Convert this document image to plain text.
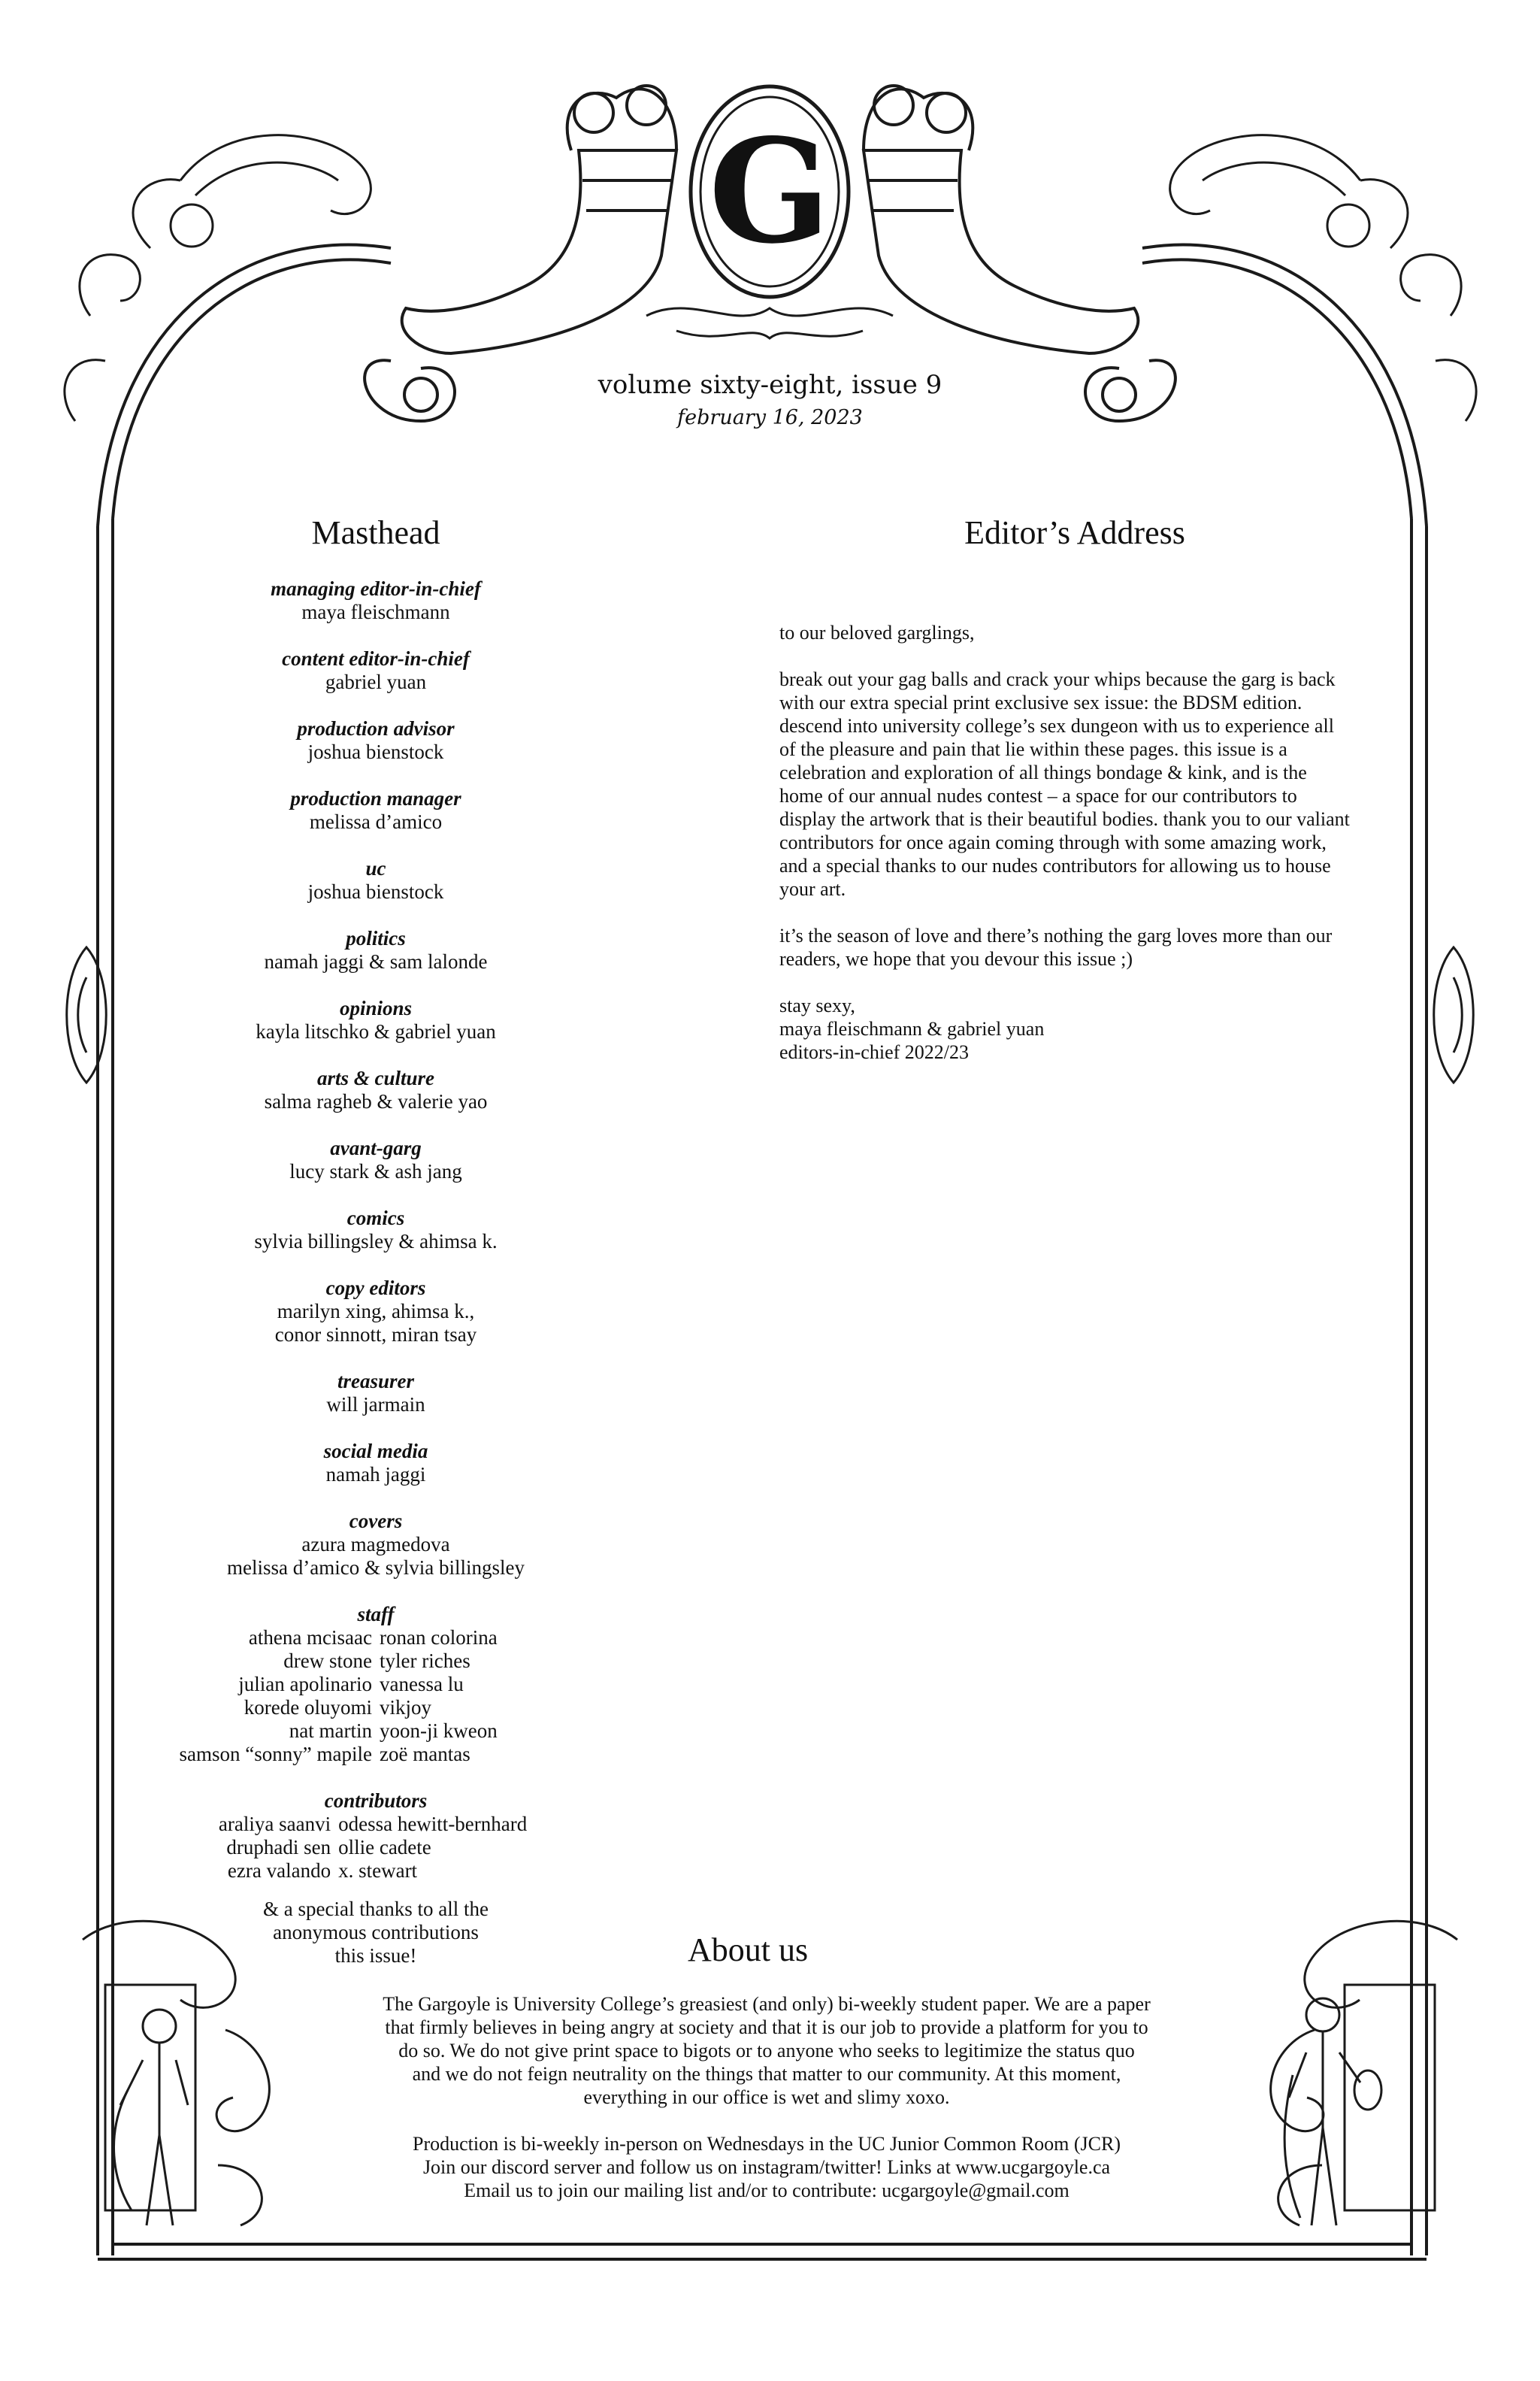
G
volume sixty-eight, issue 9
february 16, 2023
Masthead	Editor’s Address
About us
managing editor-in-chief
maya fleischmann
content editor-in-chief
gabriel yuan
production advisor
joshua bienstock
production manager
melissa d’amico
uc
joshua bienstock
politics
namah jaggi & sam lalonde
opinions
kayla litschko & gabriel yuan
arts & culture
salma ragheb & valerie yao
avant-garg
lucy stark & ash jang
comics
sylvia billingsley & ahimsa k.
copy editors
marilyn xing, ahimsa k.,
conor sinnott, miran tsay
treasurer
will jarmain
social media
namah jaggi
covers
azura magmedova
melissa d’amico & sylvia billingsley
staff
athena mcisaac ronan colorina
drew stone tyler riches
julian apolinario vanessa lu
korede oluyomi vikjoy
nat martin yoon-ji kweon
samson “sonny” mapile zoë mantas
contributors
araliya saanvi odessa hewitt-bernhard
druphadi sen ollie cadete
ezra valando x. stewart
& a special thanks to all the
anonymous contributions
this issue!

to our beloved garglings,

break out your gag balls and crack your whips because the garg is back with our extra special print exclusive sex issue: the BDSM edition. descend into university college’s sex dungeon with us to experience all of the pleasure and pain that lie within these pages. this issue is a celebration and exploration of all things bondage & kink, and is the home of our annual nudes contest – a space for our contributors to display the artwork that is their beautiful bodies. thank you to our valiant contributors for once again coming through with some amazing work, and a special thanks to our nudes contributors for allowing us to house your art.

it’s the season of love and there’s nothing the garg loves more than our readers, we hope that you devour this issue ;)

stay sexy,

maya fleischmann & gabriel yuan

editors-in-chief 2022/23

The Gargoyle is University College’s greasiest (and only) bi-weekly student paper. We are a paper
that firmly believes in being angry at society and that it is our job to provide a platform for you to
do so. We do not give print space to bigots or to anyone who seeks to legitimize the status quo
and we do not feign neutrality on the things that matter to our community. At this moment,
everything in our office is wet and slimy xoxo.

Production is bi-weekly in-person on Wednesdays in the UC Junior Common Room (JCR)
Join our discord server and follow us on instagram/twitter! Links at www.ucgargoyle.ca
Email us to join our mailing list and/or to contribute: ucgargoyle@gmail.com
